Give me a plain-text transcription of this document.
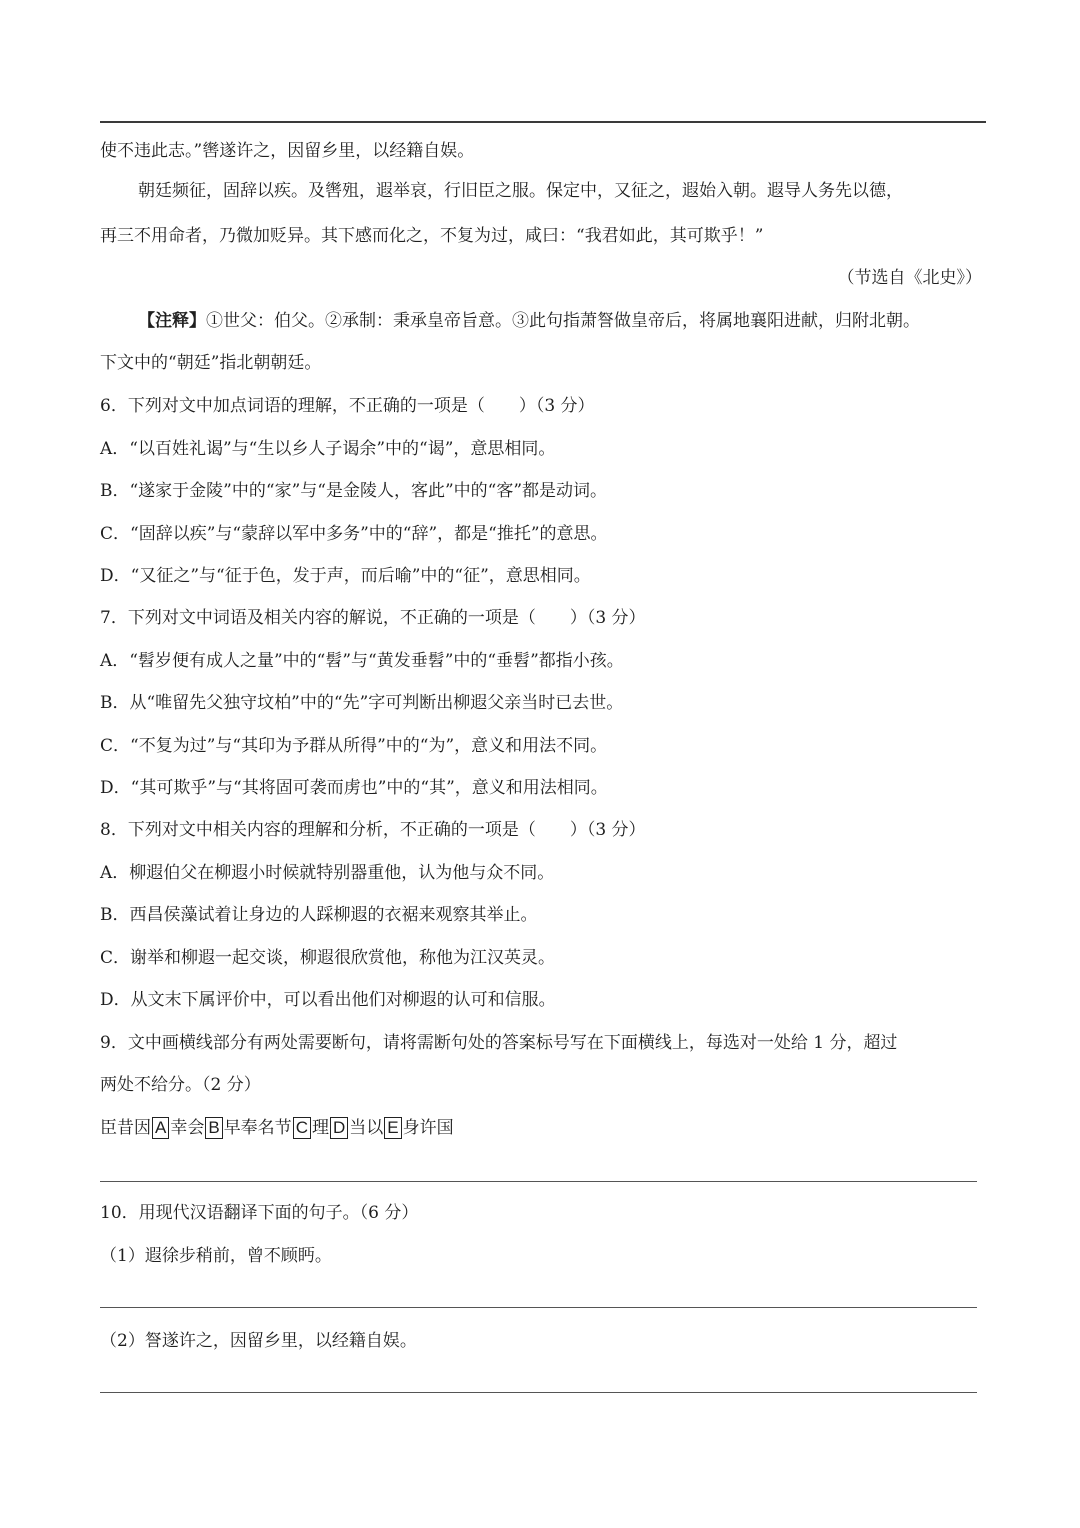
使不违此志。”辔遂许之，因留乡里，以经籍自娱。
朝廷频征，固辞以疾。及辔殂，遐举哀，行旧臣之服。保定中，又征之，遐始入朝。遐导人务先以德，
再三不用命者，乃微加贬异。其下感而化之，不复为过，咸曰：“我君如此，其可欺乎！”
（节选自《北史》）
【注释】①世父：伯父。②承制：秉承皇帝旨意。③此句指萧詧做皇帝后，将属地襄阳进献，归附北朝。
下文中的“朝廷”指北朝朝廷。
6．下列对文中加点词语的理解，不正确的一项是（　　）（3 分）
A．“以百姓礼谒”与“生以乡人子谒余”中的“谒”，意思相同。
B．“遂家于金陵”中的“家”与“是金陵人，客此”中的“客”都是动词。
C．“固辞以疾”与“蒙辞以军中多务”中的“辞”，都是“推托”的意思。
D．“又征之”与“征于色，发于声，而后喻”中的“征”，意思相同。
7．下列对文中词语及相关内容的解说，不正确的一项是（　　）（3 分）
A．“髫岁便有成人之量”中的“髫”与“黄发垂髫”中的“垂髫”都指小孩。
B．从“唯留先父独守坟柏”中的“先”字可判断出柳遐父亲当时已去世。
C．“不复为过”与“其印为予群从所得”中的“为”，意义和用法不同。
D．“其可欺乎”与“其将固可袭而虏也”中的“其”，意义和用法相同。
8．下列对文中相关内容的理解和分析，不正确的一项是（　　）（3 分）
A．柳遐伯父在柳遐小时候就特别器重他，认为他与众不同。
B．西昌侯藻试着让身边的人踩柳遐的衣裾来观察其举止。
C．谢举和柳遐一起交谈，柳遐很欣赏他，称他为江汉英灵。
D．从文末下属评价中，可以看出他们对柳遐的认可和信服。
9．文中画横线部分有两处需要断句，请将需断句处的答案标号写在下面横线上，每选对一处给 1 分，超过
两处不给分。（2 分）
臣昔因 A 幸会 B 早奉名节 C 理 D 当以 E 身许国
10．用现代汉语翻译下面的句子。（6 分）
（1）遐徐步稍前，曾不顾眄。
（2）詧遂许之，因留乡里，以经籍自娱。
